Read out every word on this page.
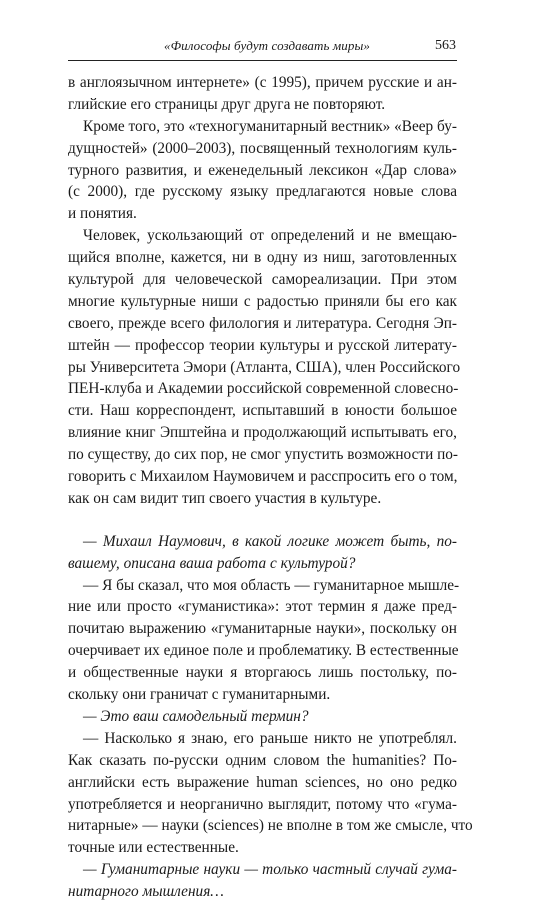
«Философы будут создавать миры»	563
в англоязычном интернете» (с 1995), причем русские и ан-
глийские его страницы друг друга не повторяют.
Кроме того, это «техногуманитарный вестник» «Веер бу-
дущностей» (2000–2003), посвященный технологиям куль-
турного развития, и еженедельный лексикон «Дар слова»
(с 2000), где русскому языку предлагаются новые слова
и понятия.
Человек, ускользающий от определений и не вмещаю-
щийся вполне, кажется, ни в одну из ниш, заготовленных
культурой для человеческой самореализации. При этом
многие культурные ниши с радостью приняли бы его как
своего, прежде всего филология и литература. Сегодня Эп-
штейн — профессор теории культуры и русской литерату-
ры Университета Эмори (Атланта, США), член Российского
ПЕН-клуба и Академии российской современной словесно-
сти. Наш корреспондент, испытавший в юности большое
влияние книг Эпштейна и продолжающий испытывать его,
по существу, до сих пор, не смог упустить возможности по-
говорить с Михаилом Наумовичем и расспросить его о том,
как он сам видит тип своего участия в культуре.
— Михаил Наумович, в какой логике может быть, по-
вашему, описана ваша работа с культурой?
— Я бы сказал, что моя область — гуманитарное мышле-
ние или просто «гуманистика»: этот термин я даже пред-
почитаю выражению «гуманитарные науки», поскольку он
очерчивает их единое поле и проблематику. В естественные
и общественные науки я вторгаюсь лишь постольку, по-
скольку они граничат с гуманитарными.
— Это ваш самодельный термин?
— Насколько я знаю, его раньше никто не употреблял.
Как сказать по-русски одним словом the humanities? По-
английски есть выражение human sciences, но оно редко
употребляется и неорганично выглядит, потому что «гума-
нитарные» — науки (sciences) не вполне в том же смысле, что
точные или естественные.
— Гуманитарные науки — только частный случай гума-
нитарного мышления…
